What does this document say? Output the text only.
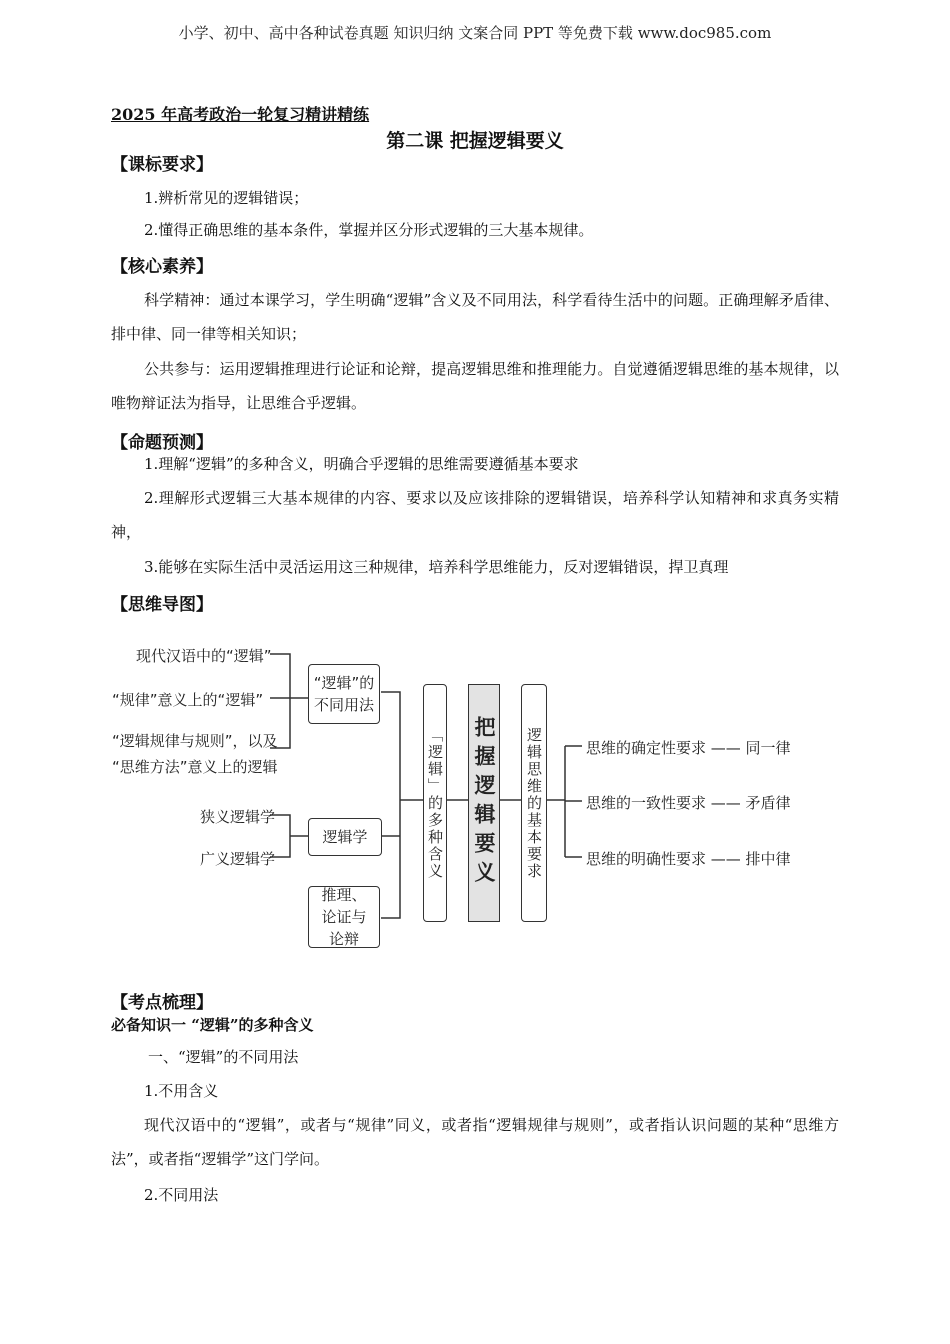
小学、初中、高中各种试卷真题 知识归纳 文案合同 PPT 等免费下载 www.doc985.com
2025 年高考政治一轮复习精讲精练
第二课 把握逻辑要义
【课标要求】
1.辨析常见的逻辑错误；
2.懂得正确思维的基本条件，掌握并区分形式逻辑的三大基本规律。
【核心素养】
科学精神：通过本课学习，学生明确“逻辑”含义及不同用法，科学看待生活中的问题。正确理解矛盾律、排中律、同一律等相关知识；
公共参与：运用逻辑推理进行论证和论辩，提高逻辑思维和推理能力。自觉遵循逻辑思维的基本规律，以唯物辩证法为指导，让思维合乎逻辑。
【命题预测】
1.理解“逻辑”的多种含义，明确合乎逻辑的思维需要遵循基本要求
2.理解形式逻辑三大基本规律的内容、要求以及应该排除的逻辑错误，培养科学认知精神和求真务实精神，
3.能够在实际生活中灵活运用这三种规律，培养科学思维能力，反对逻辑错误，捍卫真理
【思维导图】
现代汉语中的“逻辑”
“规律”意义上的“逻辑”
“逻辑规律与规则”，以及
“思维方法”意义上的逻辑
狭义逻辑学
广义逻辑学
“逻辑”的不同用法
逻辑学
推理、论证与论辩
「逻辑」的多种含义 把握逻辑要义 逻辑思维的基本要求	思维的确定性要求 —— 同一律
思维的一致性要求 —— 矛盾律
思维的明确性要求 —— 排中律
【考点梳理】
必备知识一 “逻辑”的多种含义
一、“逻辑”的不同用法
1.不用含义
现代汉语中的“逻辑”，或者与“规律”同义，或者指“逻辑规律与规则”，或者指认识问题的某种“思维方法”，或者指“逻辑学”这门学问。
2.不同用法
